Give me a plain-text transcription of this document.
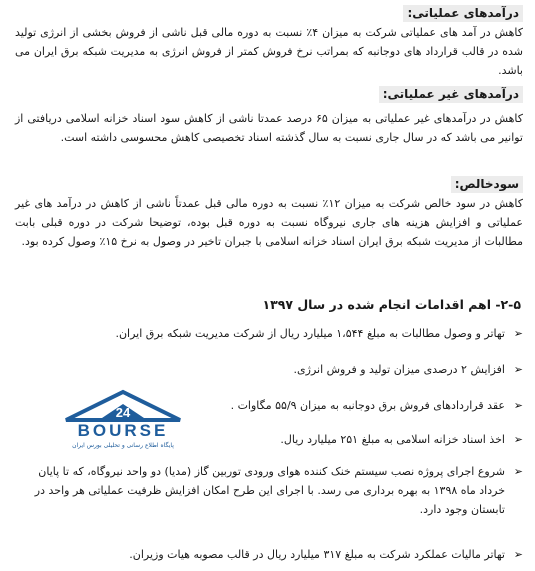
درآمدهای عملیاتی:
کاهش در آمد های عملیاتی شرکت به میزان ۴٪ نسبت به دوره مالی قبل ناشی از فروش بخشی از انرژی تولید شده در قالب قرارداد های دوجانبه که بمراتب نرخ فروش کمتر از فروش انرژی به مدیریت شبکه برق ایران می باشد.
درآمدهای غیر عملیاتی:
کاهش در درآمدهای غیر عملیاتی به میزان ۶۵ درصد عمدتا ناشی از کاهش سود اسناد خزانه اسلامی دریافتی از توانیر می باشد که در سال جاری نسبت به سال گذشته اسناد تخصیصی کاهش محسوسی داشته است.
سودخالص:
کاهش در سود خالص شرکت به میزان ۱۲٪ نسبت به دوره مالی قبل عمدتاً ناشی از کاهش در درآمد های غیر عملیاتی و افزایش هزینه های جاری نیروگاه نسبت به دوره قبل بوده، توضیحا شرکت در دوره قبلی بابت مطالبات از مدیریت شبکه برق ایران اسناد خزانه اسلامی با جبران تاخیر در وصول به نرخ ۱۵٪ وصول کرده بود.
۲-۵- اهم اقدامات انجام شده در سال ۱۳۹۷
➢
تهاتر و وصول مطالبات به مبلغ ۱،۵۴۴ میلیارد ریال از شرکت مدیریت شبکه برق ایران.
➢
افزایش ۲ درصدی میزان تولید و فروش انرژی.
➢
عقد قراردادهای فروش برق دوجانبه به میزان ۵۵/۹ مگاوات .
➢
اخذ اسناد خزانه اسلامی به مبلغ ۲۵۱ میلیارد ریال.
➢
شروع اجرای پروژه نصب سیستم خنک کننده هوای ورودی توربین گاز (مدیا) دو واحد نیروگاه، که تا پایان خرداد ماه ۱۳۹۸ به بهره برداری می رسد. با اجرای این طرح امکان افزایش ظرفیت عملیاتی هر واحد در تابستان وجود دارد.
➢
تهاتر مالیات عملکرد شرکت به مبلغ ۳۱۷ میلیارد ریال در قالب مصوبه هیات وزیران.
24
BOURSE
پایگاه اطلاع رسانی و تحلیلی بورس ایران
